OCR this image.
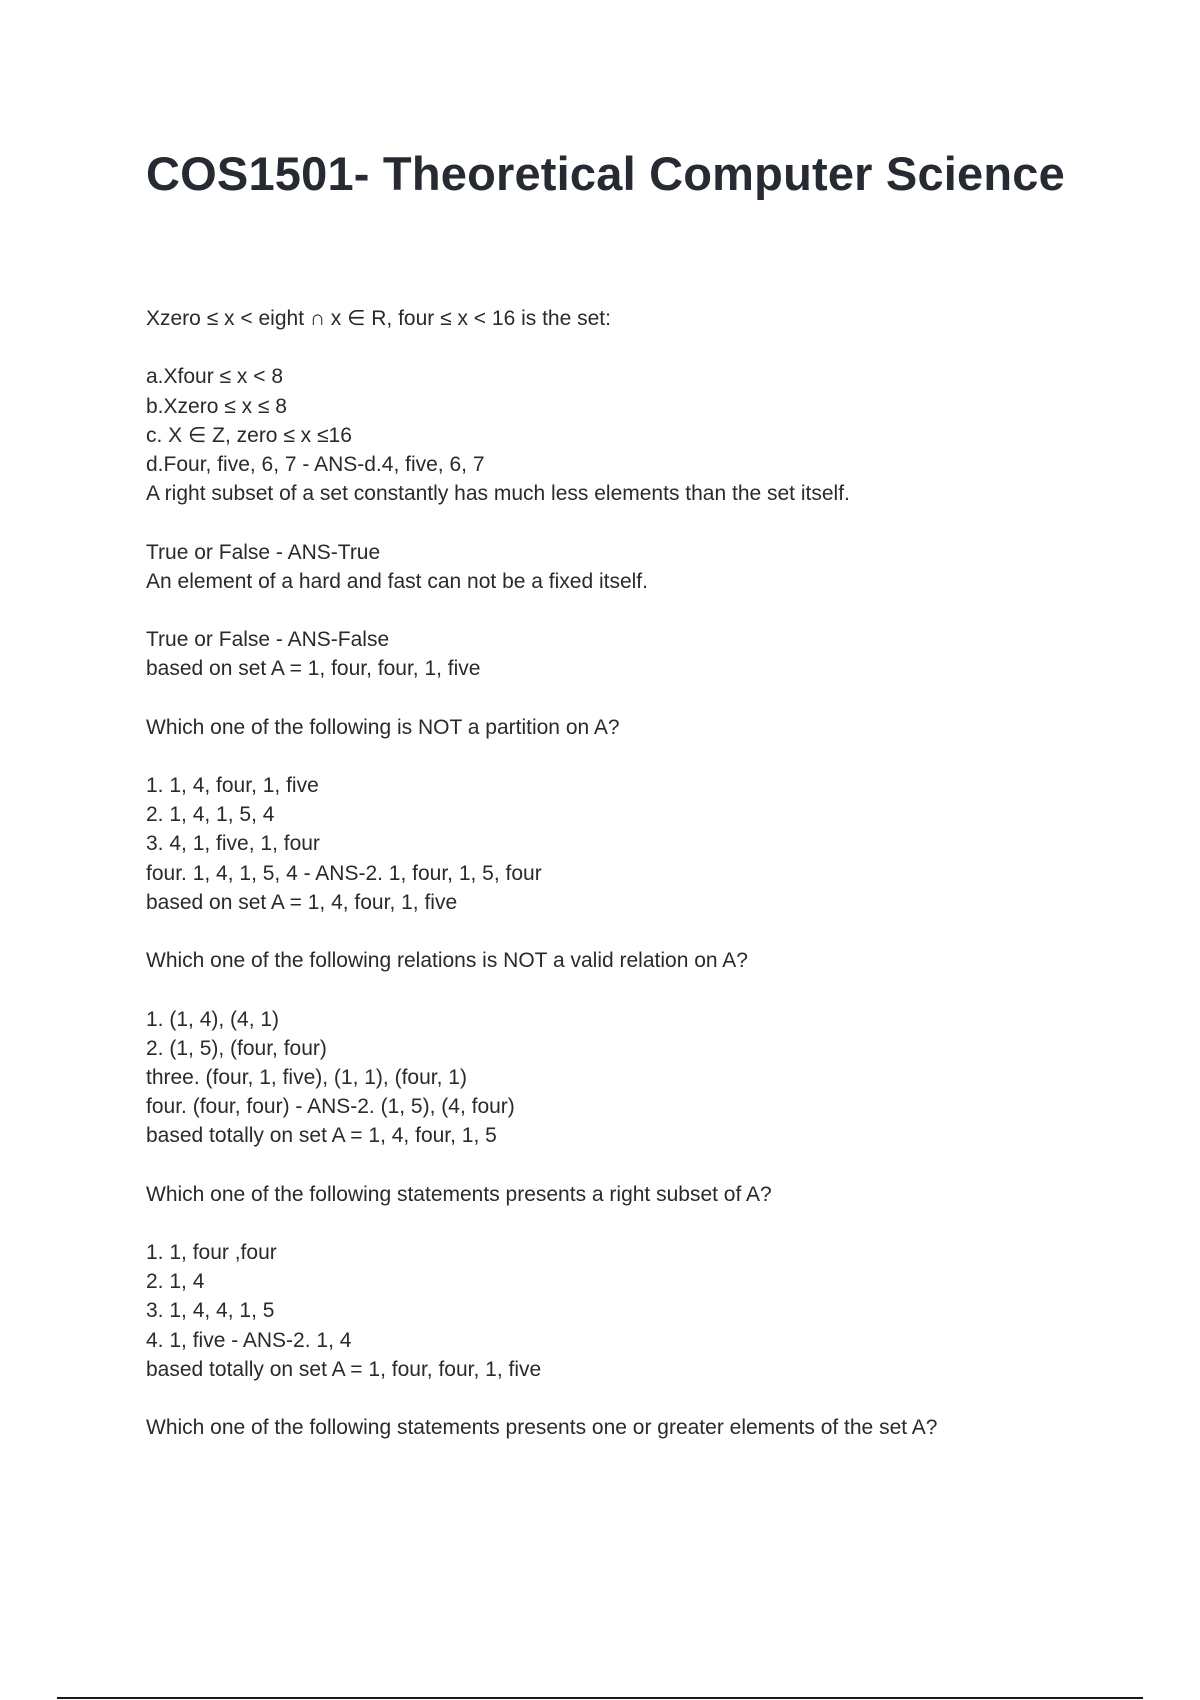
COS1501- Theoretical Computer Science
Xzero ≤ x < eight ∩ x ∈ R, four ≤ x < 16 is the set:
a.Xfour ≤ x < 8
b.Xzero ≤ x ≤ 8
c. X ∈ Z, zero ≤ x ≤16
d.Four, five, 6, 7 - ANS-d.4, five, 6, 7
A right subset of a set constantly has much less elements than the set itself.
True or False - ANS-True
An element of a hard and fast can not be a fixed itself.
True or False - ANS-False
based on set A = 1, four, four, 1, five
Which one of the following is NOT a partition on A?
1. 1, 4, four, 1, five
2. 1, 4, 1, 5, 4
3. 4, 1, five, 1, four
four. 1, 4, 1, 5, 4 - ANS-2. 1, four, 1, 5, four
based on set A = 1, 4, four, 1, five
Which one of the following relations is NOT a valid relation on A?
1. (1, 4), (4, 1)
2. (1, 5), (four, four)
three. (four, 1, five), (1, 1), (four, 1)
four. (four, four) - ANS-2. (1, 5), (4, four)
based totally on set A = 1, 4, four, 1, 5
Which one of the following statements presents a right subset of A?
1. 1, four ,four
2. 1, 4
3. 1, 4, 4, 1, 5
4. 1, five - ANS-2. 1, 4
based totally on set A = 1, four, four, 1, five
Which one of the following statements presents one or greater elements of the set A?
